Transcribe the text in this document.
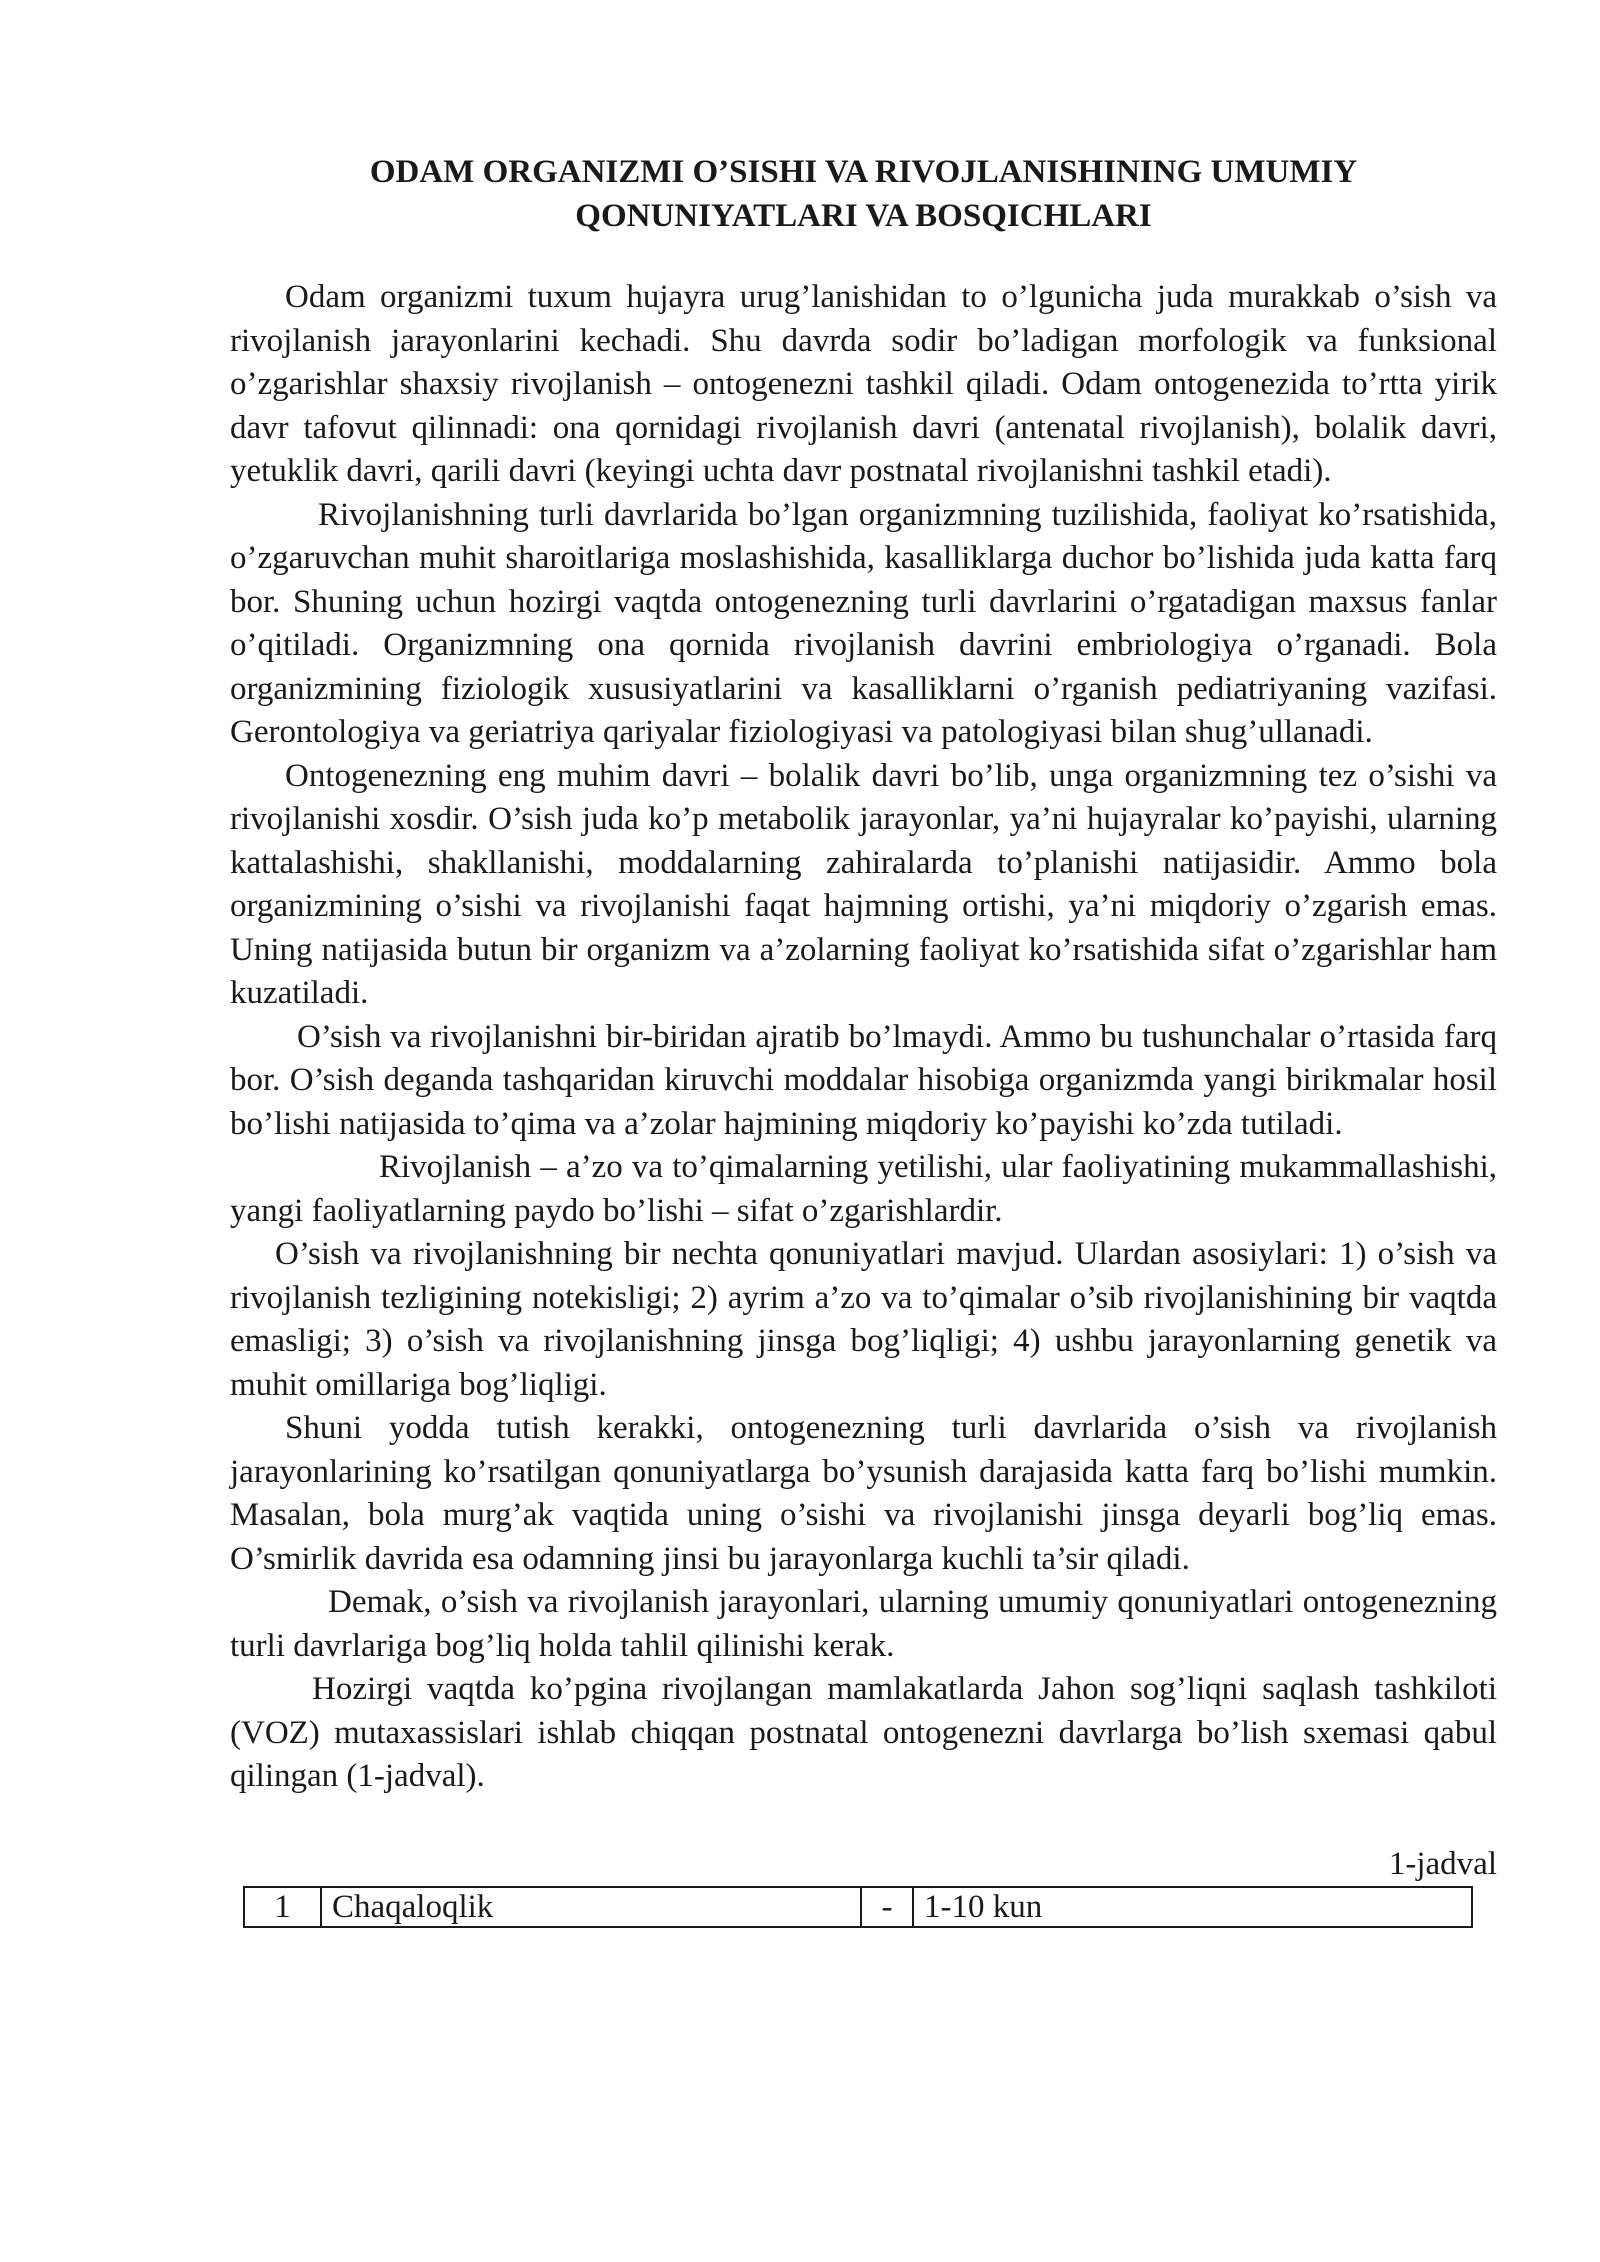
ODAM ORGANIZMI O’SISHI VA RIVOJLANISHINING UMUMIY
QONUNIYATLARI VA BOSQICHLARI

Odam organizmi tuxum hujayra urug’lanishidan to o’lgunicha juda murakkab o’sish va rivojlanish jarayonlarini kechadi. Shu davrda sodir bo’ladigan morfologik va funksional o’zgarishlar shaxsiy rivojlanish – ontogenezni tashkil qiladi. Odam ontogenezida to’rtta yirik davr tafovut qilinnadi: ona qornidagi rivojlanish davri (antenatal rivojlanish), bolalik davri, yetuklik davri, qarili davri (keyingi uchta davr postnatal rivojlanishni tashkil etadi).

Rivojlanishning turli davrlarida bo’lgan organizmning tuzilishida, faoliyat ko’rsatishida, o’zgaruvchan muhit sharoitlariga moslashishida, kasalliklarga duchor bo’lishida juda katta farq bor. Shuning uchun hozirgi vaqtda ontogenezning turli davrlarini o’rgatadigan maxsus fanlar o’qitiladi. Organizmning ona qornida rivojlanish davrini embriologiya o’rganadi. Bola organizmining fiziologik xususiyatlarini va kasalliklarni o’rganish pediatriyaning vazifasi. Gerontologiya va geriatriya qariyalar fiziologiyasi va patologiyasi bilan shug’ullanadi.

Ontogenezning eng muhim davri – bolalik davri bo’lib, unga organizmning tez o’sishi va rivojlanishi xosdir. O’sish juda ko’p metabolik jarayonlar, ya’ni hujayralar ko’payishi, ularning kattalashishi, shakllanishi, moddalarning zahiralarda to’planishi natijasidir. Ammo bola organizmining o’sishi va rivojlanishi faqat hajmning ortishi, ya’ni miqdoriy o’zgarish emas. Uning natijasida butun bir organizm va a’zolarning faoliyat ko’rsatishida sifat o’zgarishlar ham kuzatiladi.

O’sish va rivojlanishni bir-biridan ajratib bo’lmaydi. Ammo bu tushunchalar o’rtasida farq bor. O’sish deganda tashqaridan kiruvchi moddalar hisobiga organizmda yangi birikmalar hosil bo’lishi natijasida to’qima va a’zolar hajmining miqdoriy ko’payishi ko’zda tutiladi.

Rivojlanish – a’zo va to’qimalarning yetilishi, ular faoliyatining mukammallashishi, yangi faoliyatlarning paydo bo’lishi – sifat o’zgarishlardir.

O’sish va rivojlanishning bir nechta qonuniyatlari mavjud. Ulardan asosiylari: 1) o’sish va rivojlanish tezligining notekisligi; 2) ayrim a’zo va to’qimalar o’sib rivojlanishining bir vaqtda emasligi; 3) o’sish va rivojlanishning jinsga bog’liqligi; 4) ushbu jarayonlarning genetik va muhit omillariga bog’liqligi.

Shuni yodda tutish kerakki, ontogenezning turli davrlarida o’sish va rivojlanish jarayonlarining ko’rsatilgan qonuniyatlarga bo’ysunish darajasida katta farq bo’lishi mumkin. Masalan, bola murg’ak vaqtida uning o’sishi va rivojlanishi jinsga deyarli bog’liq emas. O’smirlik davrida esa odamning jinsi bu jarayonlarga kuchli ta’sir qiladi.

Demak, o’sish va rivojlanish jarayonlari, ularning umumiy qonuniyatlari ontogenezning turli davrlariga bog’liq holda tahlil qilinishi kerak.

Hozirgi vaqtda ko’pgina rivojlangan mamlakatlarda Jahon sog’liqni saqlash tashkiloti (VOZ) mutaxassislari ishlab chiqqan postnatal ontogenezni davrlarga bo’lish sxemasi qabul qilingan (1-jadval).

1-jadval
1	Chaqaloqlik	-	1-10 kun
